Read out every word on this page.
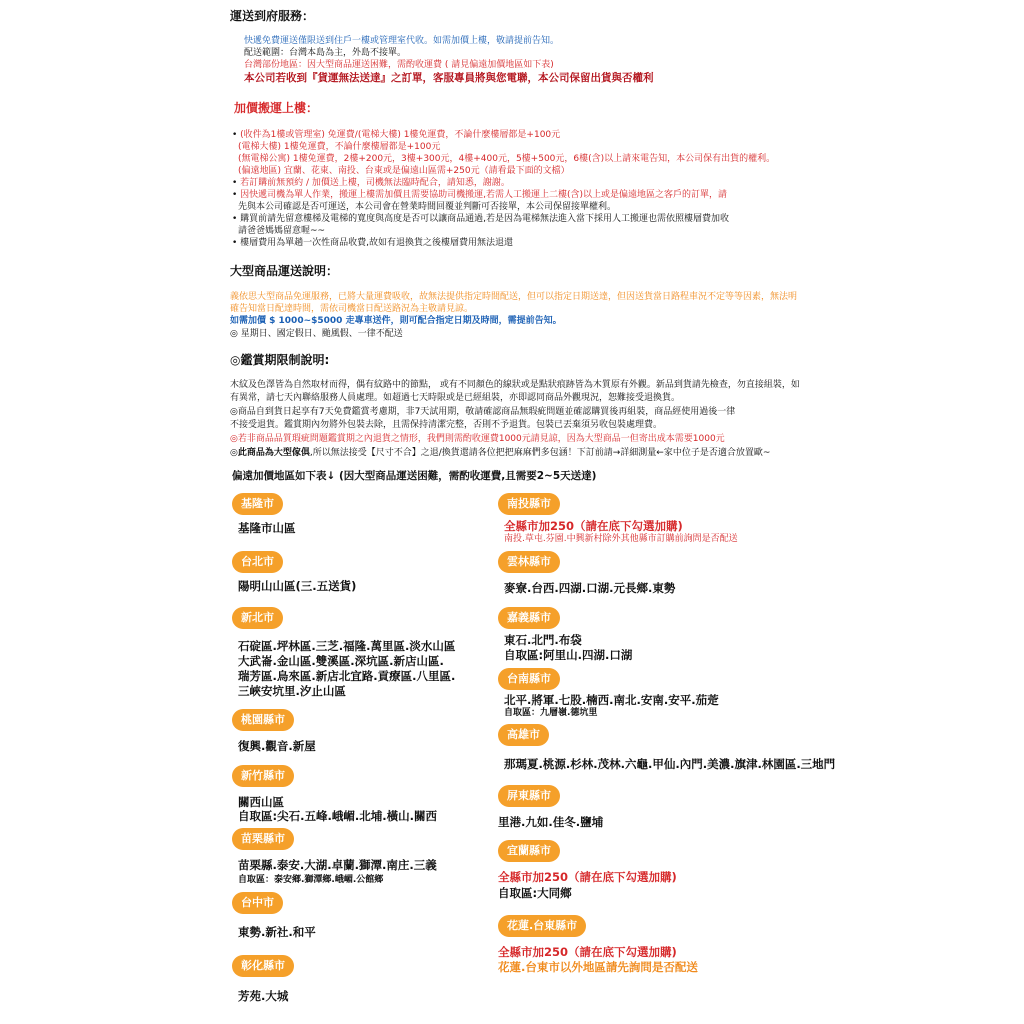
運送到府服務：
快遞免費運送僅限送到住戶一樓或管理室代收。如需加價上樓，敬請提前告知。
配送範圍：台灣本島為主，外島不接單。
台灣部份地區：因大型商品運送困難，需酌收運費 ( 請見偏遠加價地區如下表)
本公司若收到『貨運無法送達』之訂單，客服專員將與您電聯，本公司保留出貨與否權利
加價搬運上樓：
• (收件為1樓或管理室) 免運費/(電梯大樓) 1樓免運費，不論什麼樓層都是+100元
(電梯大樓) 1樓免運費，不論什麼樓層都是+100元
(無電梯公寓) 1樓免運費，2樓+200元，3樓+300元，4樓+400元，5樓+500元，6樓(含)以上請來電告知，本公司保有出貨的權利。
(偏遠地區) 宜蘭、花東、南投、台東或是偏遠山區需+250元（請看最下面的文檔）
• 若訂購前無預約 / 加價送上樓，司機無法臨時配合，請知悉，謝謝。
• 因快遞司機為單人作業，搬運上樓需加價且需要協助司機搬運,若需人工搬運上二樓(含)以上或是偏遠地區之客戶的訂單，請
先與本公司確認是否可運送，本公司會在營業時間回覆並判斷可否接單，本公司保留接單權利。
• 購買前請先留意樓梯及電梯的寬度與高度是否可以讓商品通過,若是因為電梯無法進入當下採用人工搬運也需依照樓層費加收
請爸爸媽媽留意喔~~
• 樓層費用為單趟一次性商品收費,故如有退換貨之後樓層費用無法退還
大型商品運送說明：
義依思大型商品免運服務，已將大量運費吸收，故無法提供指定時間配送，但可以指定日期送達，但因送貨當日路程車況不定等等因素，無法明
確告知當日配達時間，需依司機當日配送路況為主敬請見諒。
如需加價 $ 1000~$5000 走專車送件，則可配合指定日期及時間，需提前告知。
◎ 星期日、國定假日、颱風假、一律不配送
◎鑑賞期限制說明:
木紋及色澤皆為自然取材而得，偶有紋路中的節點， 或有不同顏色的線狀或是點狀痕跡皆為木質原有外觀。新品到貨請先檢查，勿直接組裝，如
有異常，請七天內聯絡服務人員處理。如超過七天時限或是已經組裝，亦即認同商品外觀現況，恕難接受退換貨。
◎商品自到貨日起享有7天免費鑑賞考慮期，非7天試用期，敬請確認商品無瑕疵問題並確認購買後再組裝，商品經使用過後一律
不接受退貨。鑑賞期內勿將外包裝去除，且需保持清潔完整，否則不予退貨。包裝已丟棄須另收包裝處理費。
◎若非商品品質瑕疵問題鑑賞期之內退貨之情形，我們則需酌收運費1000元請見諒，因為大型商品一但寄出成本需要1000元
◎此商品為大型傢俱,所以無法接受【尺寸不合】之退/換貨還請各位把把麻麻們多包涵！下訂前請→詳細測量←家中位子是否適合放置歐~
偏遠加價地區如下表↓ (因大型商品運送困難，需酌收運費,且需要2~5天送達)
基隆市
基隆市山區
台北市
陽明山山區(三.五送貨)
新北市
石碇區.坪林區.三芝.福隆.萬里區.淡水山區
大武崙.金山區.雙溪區.深坑區.新店山區.
瑞芳區.烏來區.新店北宜路.貢療區.八里區.
三峽安坑里.汐止山區
桃園縣市
復興.觀音.新屋
新竹縣市
關西山區
自取區:尖石.五峰.峨嵋.北埔.橫山.關西
苗栗縣市
苗栗縣.泰安.大湖.卓蘭.獅潭.南庄.三義
自取區：泰安鄉.獅潭鄉.峨嵋.公館鄉
台中市
東勢.新社.和平
彰化縣市
芳苑.大城
南投縣市
全縣市加250（請在底下勾選加購)
南投.草屯.芬園.中興新村除外其他縣市訂購前詢問是否配送
雲林縣市
麥寮.台西.四湖.口湖.元長鄉.東勢
嘉義縣市
東石.北門.布袋
自取區:阿里山.四湖.口湖
台南縣市
北平.將軍.七股.楠西.南北.安南.安平.茄萣
自取區：九層嶺.德坑里
高雄市
那瑪夏.桃源.杉林.茂林.六龜.甲仙.內門.美濃.旗津.林園區.三地門
屏東縣市
里港.九如.佳冬.鹽埔
宜蘭縣市
全縣市加250（請在底下勾選加購)
自取區:大同鄉
花蓮.台東縣市
全縣市加250（請在底下勾選加購)
花蓮.台東市以外地區請先詢問是否配送
